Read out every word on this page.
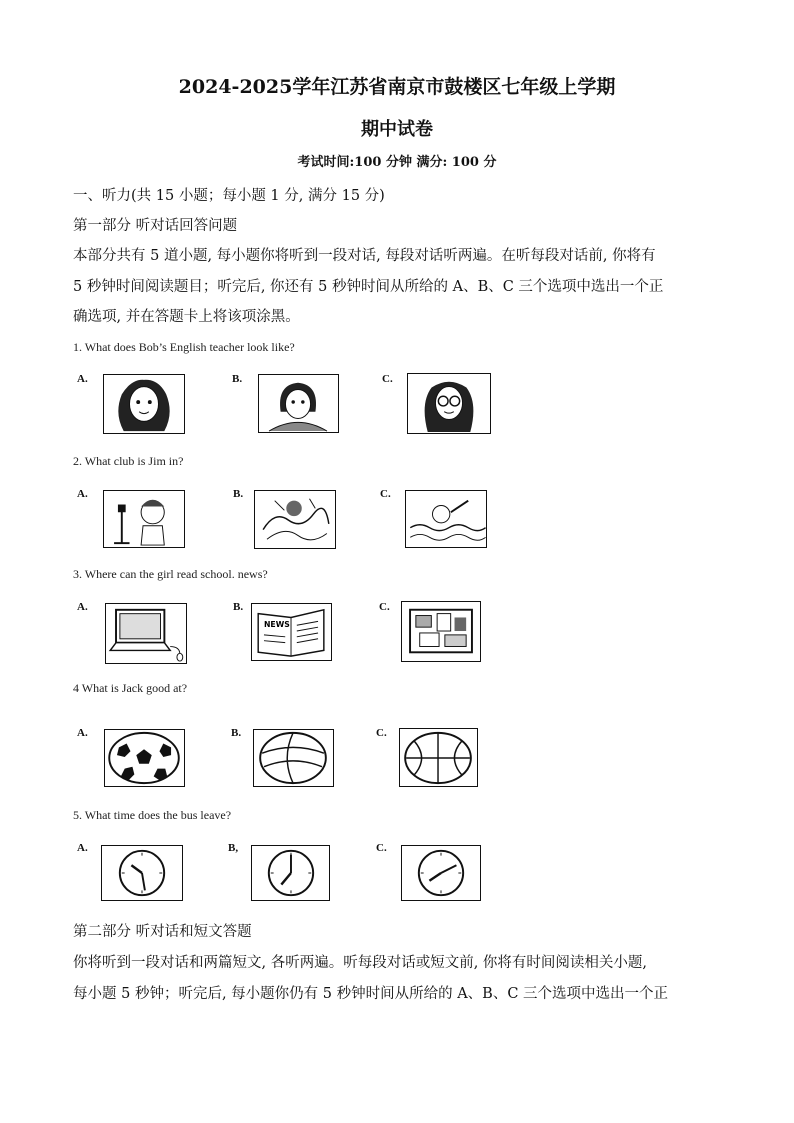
2024-2025学年江苏省南京市鼓楼区七年级上学期
期中试卷
考试时间:100 分钟 满分: 100 分
一、听力(共 15 小题；每小题 1 分, 满分 15 分)
第一部分 听对话回答问题
本部分共有 5 道小题, 每小题你将听到一段对话, 每段对话听两遍。在听每段对话前, 你将有
5 秒钟时间阅读题目；听完后, 你还有 5 秒钟时间从所给的 A、B、C 三个选项中选出一个正
确选项, 并在答题卡上将该项涂黑。
1. What does Bob’s English teacher look like?
A.	B.	C.
2. What club is Jim in?
A.	B.	C.
3. Where can the girl read school. news?
A.	B.
NEWS
C.
4 What is Jack good at?
A.	B.	C.
5. What time does the bus leave?
A.	B,	C.
第二部分 听对话和短文答题
你将听到一段对话和两篇短文, 各听两遍。听每段对话或短文前, 你将有时间阅读相关小题,
每小题 5 秒钟；听完后, 每小题你仍有 5 秒钟时间从所给的 A、B、C 三个选项中选出一个正
